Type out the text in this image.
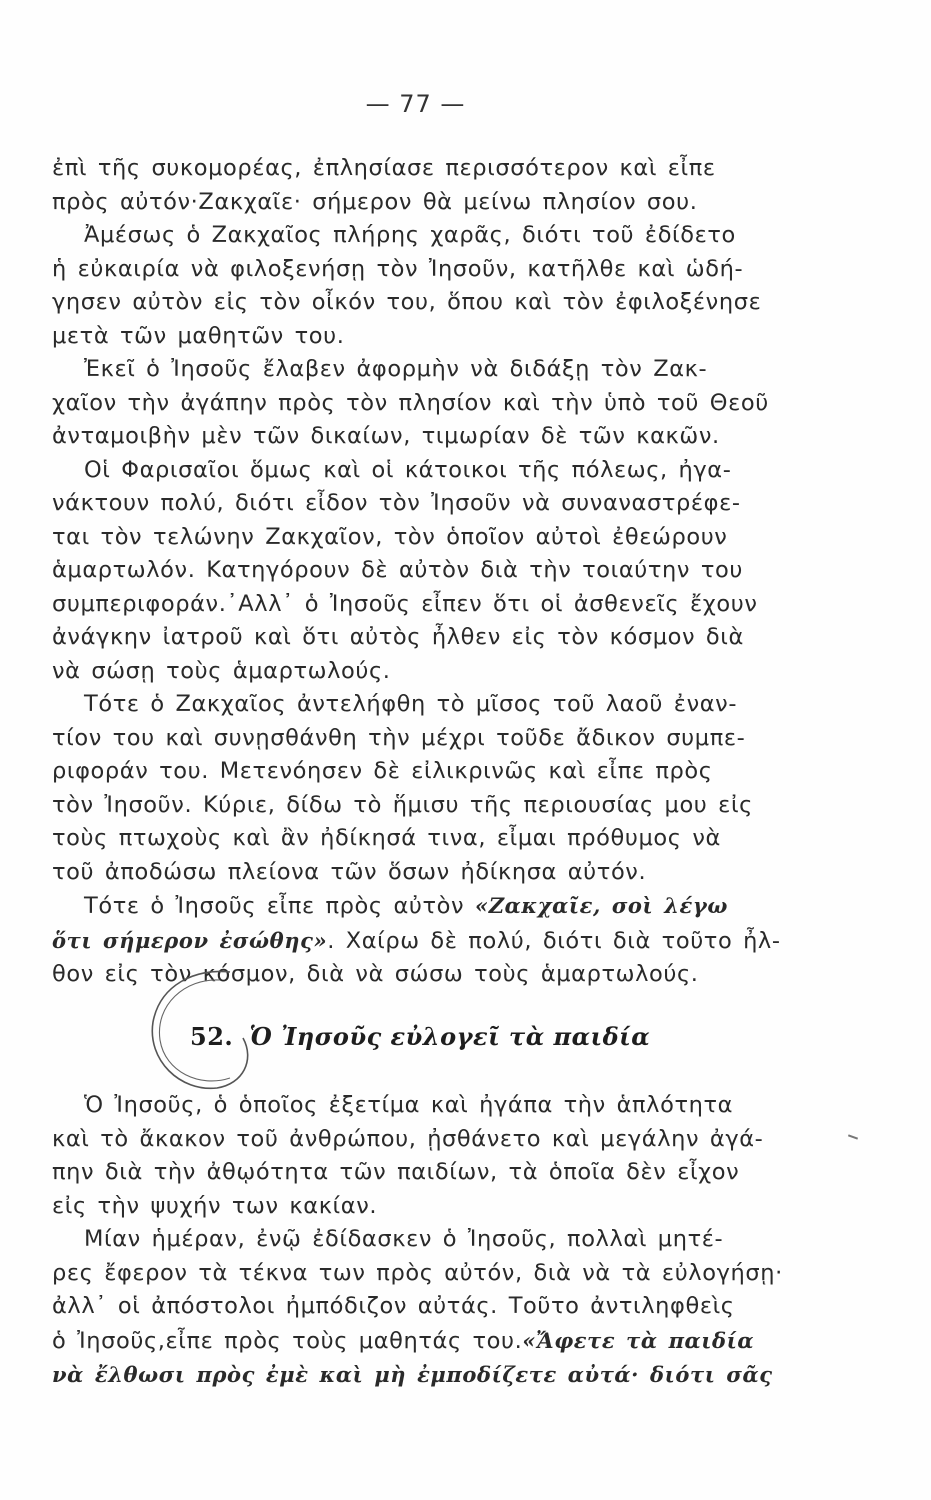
— 77 —
ἐπὶ τῆς συκομορέας, ἐπλησίασε περισσότερον καὶ εἶπε
πρὸς αὐτόν·Ζακχαῖε· σήμερον θὰ μείνω πλησίον σου.
Ἀμέσως ὁ Ζακχαῖος πλήρης χαρᾶς, διότι τοῦ ἐδίδετο
ἡ εὐκαιρία νὰ φιλοξενήσῃ τὸν Ἰησοῦν, κατῆλθε καὶ ὡδή-
γησεν αὐτὸν εἰς τὸν οἶκόν του, ὅπου καὶ τὸν ἐφιλοξένησε
μετὰ τῶν μαθητῶν του.
Ἐκεῖ ὁ Ἰησοῦς ἔλαβεν ἀφορμὴν νὰ διδάξῃ τὸν Ζακ-
χαῖον τὴν ἀγάπην πρὸς τὸν πλησίον καὶ τὴν ὑπὸ τοῦ Θεοῦ
ἀνταμοιβὴν μὲν τῶν δικαίων, τιμωρίαν δὲ τῶν κακῶν.
Οἱ Φαρισαῖοι ὅμως καὶ οἱ κάτοικοι τῆς πόλεως, ἠγα-
νάκτουν πολύ, διότι εἶδον τὸν Ἰησοῦν νὰ συναναστρέφε-
ται τὸν τελώνην Ζακχαῖον, τὸν ὁποῖον αὐτοὶ ἐθεώρουν
ἁμαρτωλόν. Κατηγόρουν δὲ αὐτὸν διὰ τὴν τοιαύτην του
συμπεριφοράν.᾽Αλλ᾽ ὁ Ἰησοῦς εἶπεν ὅτι οἱ ἀσθενεῖς ἔχουν
ἀνάγκην ἰατροῦ καὶ ὅτι αὐτὸς ἦλθεν εἰς τὸν κόσμον διὰ
νὰ σώσῃ τοὺς ἁμαρτωλούς.
Τότε ὁ Ζακχαῖος ἀντελήφθη τὸ μῖσος τοῦ λαοῦ ἐναν-
τίον του καὶ συνῃσθάνθη τὴν μέχρι τοῦδε ἄδικον συμπε-
ριφοράν του. Μετενόησεν δὲ εἰλικρινῶς καὶ εἶπε πρὸς
τὸν Ἰησοῦν. Κύριε, δίδω τὸ ἥμισυ τῆς περιουσίας μου εἰς
τοὺς πτωχοὺς καὶ ἂν ἠδίκησά τινα, εἶμαι πρόθυμος νὰ
τοῦ ἀποδώσω πλείονα τῶν ὅσων ἠδίκησα αὐτόν.
Τότε ὁ Ἰησοῦς εἶπε πρὸς αὐτὸν «Ζακχαῖε, σοὶ λέγω
ὅτι σήμερον ἐσώθης». Χαίρω δὲ πολύ, διότι διὰ τοῦτο ἦλ-
θον εἰς τὸν κόσμον, διὰ νὰ σώσω τοὺς ἁμαρτωλούς.
52. Ὁ Ἰησοῦς εὐλογεῖ τὰ παιδία
Ὁ Ἰησοῦς, ὁ ὁποῖος ἐξετίμα καὶ ἠγάπα τὴν ἁπλότητα
καὶ τὸ ἄκακον τοῦ ἀνθρώπου, ᾐσθάνετο καὶ μεγάλην ἀγά-
πην διὰ τὴν ἀθῳότητα τῶν παιδίων, τὰ ὁποῖα δὲν εἶχον
εἰς τὴν ψυχήν των κακίαν.
Μίαν ἡμέραν, ἐνῷ ἐδίδασκεν ὁ Ἰησοῦς, πολλαὶ μητέ-
ρες ἔφερον τὰ τέκνα των πρὸς αὐτόν, διὰ νὰ τὰ εὐλογήσῃ·
ἀλλ᾽ οἱ ἀπόστολοι ἠμπόδιζον αὐτάς. Τοῦτο ἀντιληφθεὶς
ὁ Ἰησοῦς,εἶπε πρὸς τοὺς μαθητάς του.«Ἄφετε τὰ παιδία
νὰ ἔλθωσι πρὸς ἐμὲ καὶ μὴ ἐμποδίζετε αὐτά· διότι σᾶς
